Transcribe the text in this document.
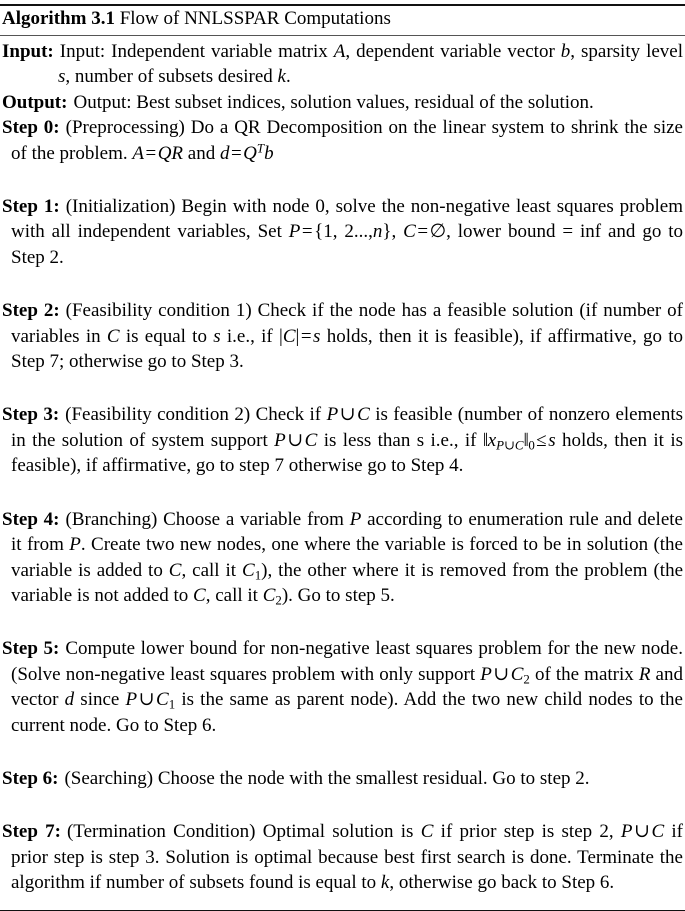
Algorithm 3.1 Flow of NNLSSPAR Computations
Input: Input: Independent variable matrix A, dependent variable vector b, sparsity level s, number of subsets desired k.
Output: Output: Best subset indices, solution values, residual of the solution.
Step 0: (Preprocessing) Do a QR Decomposition on the linear system to shrink the size of the problem. A=QR and $d=Q^Tb$
Step 1: (Initialization) Begin with node 0, solve the non-negative least squares problem with all independent variables, Set P={1, 2...,n}, C=∅, lower bound = inf and go to Step 2.
Step 2: (Feasibility condition 1) Check if the node has a feasible solution (if number of variables in C is equal to s i.e., if |C|=s holds, then it is feasible), if affirmative, go to Step 7; otherwise go to Step 3.
Step 3: (Feasibility condition 2) Check if P∪C is feasible (number of nonzero elements in the solution of system support P∪C is less than s i.e., if $‖x_{P\cup C}‖_0\le s$ holds, then it is feasible), if affirmative, go to step 7 otherwise go to Step 4.
Step 4: (Branching) Choose a variable from P according to enumeration rule and delete it from P. Create two new nodes, one where the variable is forced to be in solution (the variable is added to C, call it $C_1$), the other where it is removed from the problem (the variable is not added to C, call it $C_2$). Go to step 5.
Step 5: Compute lower bound for non-negative least squares problem for the new node. (Solve non-negative least squares problem with only support $P\cup C_2$ of the matrix R and vector d since $P\cup C_1$ is the same as parent node). Add the two new child nodes to the current node. Go to Step 6.
Step 6: (Searching) Choose the node with the smallest residual. Go to step 2.
Step 7: (Termination Condition) Optimal solution is C if prior step is step 2, P∪C if prior step is step 3. Solution is optimal because best first search is done. Terminate the algorithm if number of subsets found is equal to k, otherwise go back to Step 6.
